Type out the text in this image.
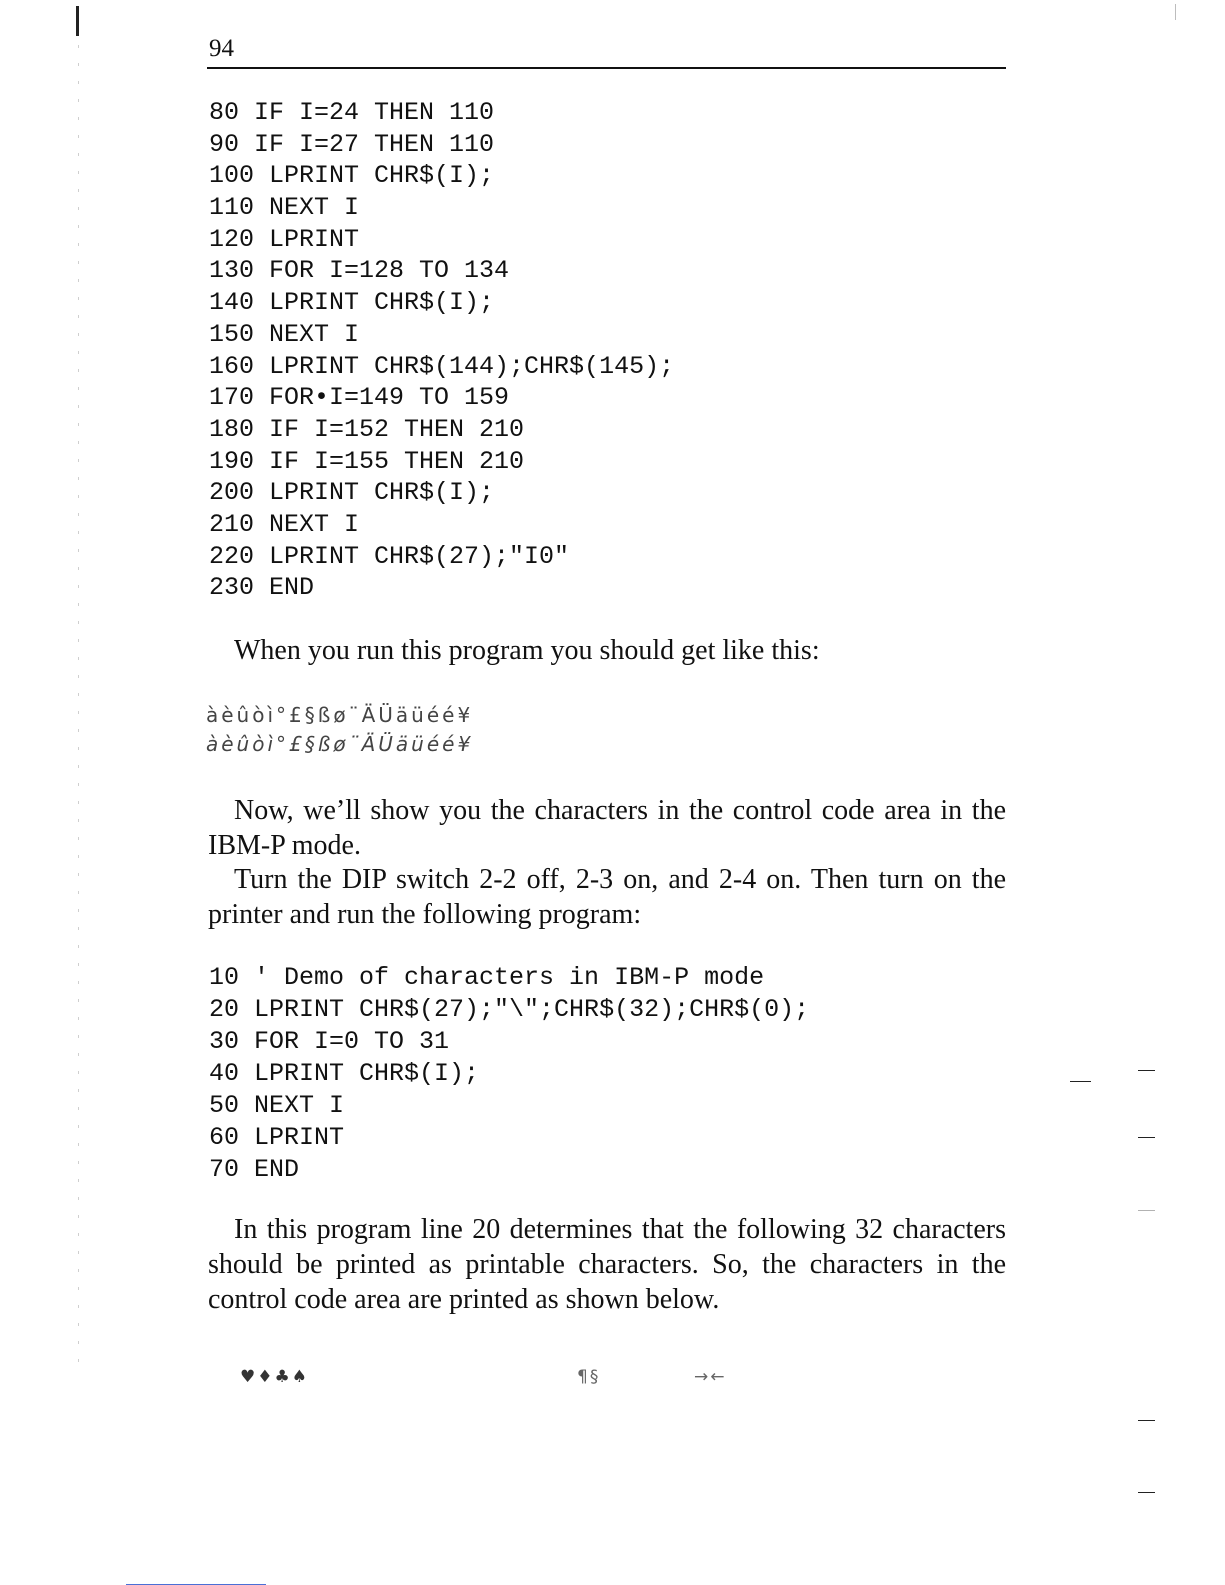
94
80 IF I=24 THEN 110
90 IF I=27 THEN 110
100 LPRINT CHR$(I);
110 NEXT I
120 LPRINT
130 FOR I=128 TO 134
140 LPRINT CHR$(I);
150 NEXT I
160 LPRINT CHR$(144);CHR$(145);
170 FOR•I=149 TO 159
180 IF I=152 THEN 210
190 IF I=155 THEN 210
200 LPRINT CHR$(I);
210 NEXT I
220 LPRINT CHR$(27);"I0"
230 END
When you run this program you should get like this:
àèûòì°£§ßø¨ÄÜäüéé¥
àèûòì°£§ßø¨ÄÜäüéé¥
Now, we’ll show you the characters in the control code area in the IBM-P mode.
Turn the DIP switch 2-2 off, 2-3 on, and 2-4 on. Then turn on the printer and run the following program:
10 ' Demo of characters in IBM-P mode
20 LPRINT CHR$(27);"\";CHR$(32);CHR$(0);
30 FOR I=0 TO 31
40 LPRINT CHR$(I);
50 NEXT I
60 LPRINT
70 END
In this program line 20 determines that the following 32 characters should be printed as printable characters. So, the characters in the control code area are printed as shown below.
♥♦♣♠	¶§	→←
